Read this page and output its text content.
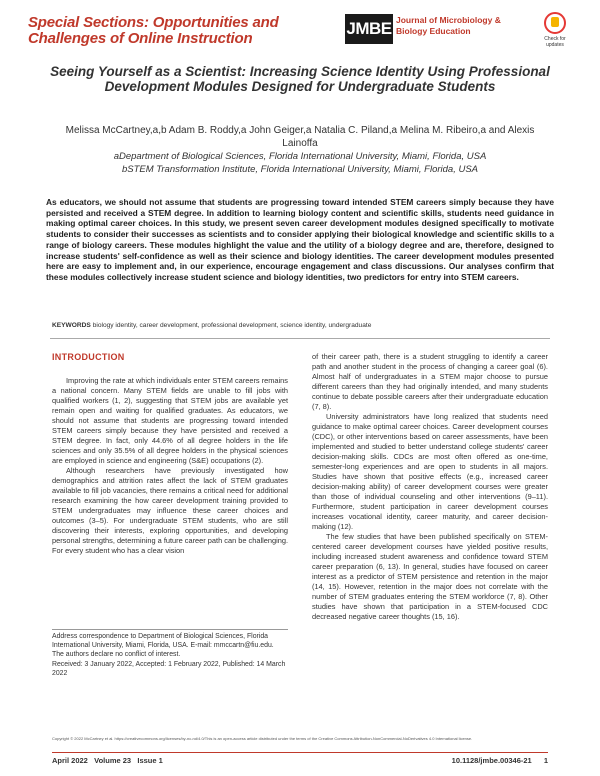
Special Sections: Opportunities and Challenges of Online Instruction
JMBE Journal of Microbiology & Biology Education
Check for updates
Seeing Yourself as a Scientist: Increasing Science Identity Using Professional Development Modules Designed for Undergraduate Students
Melissa McCartney,a,b Adam B. Roddy,a John Geiger,a Natalia C. Piland,a Melina M. Ribeiro,a and Alexis Lainoffa
aDepartment of Biological Sciences, Florida International University, Miami, Florida, USA
bSTEM Transformation Institute, Florida International University, Miami, Florida, USA
As educators, we should not assume that students are progressing toward intended STEM careers simply because they have persisted and received a STEM degree. In addition to learning biology content and scientific skills, students need guidance in making optimal career choices. In this study, we present seven career development modules designed specifically to motivate students to consider their successes as scientists and to consider applying their biological knowledge and scientific skills to a range of biology careers. These modules highlight the value and the utility of a biology degree and are, therefore, designed to increase students' self-confidence as well as their science and biology identities. The career development modules presented here are easy to implement and, in our experience, encourage engagement and class discussions. Our analyses confirm that these modules collectively increase student science and biology identities, two predictors for entry into STEM careers.
KEYWORDS biology identity, career development, professional development, science identity, undergraduate
INTRODUCTION

Improving the rate at which individuals enter STEM careers remains a national concern. Many STEM fields are unable to fill jobs with qualified workers (1, 2), suggesting that STEM jobs are available yet remain open and waiting for qualified graduates. As educators, we should not assume that students are progressing toward intended STEM careers simply because they have persisted and received a STEM degree. In fact, only 44.6% of all degree holders in the life sciences and only 35.5% of all degree holders in the physical sciences are employed in science and engineering (S&E) occupations (2).

Although researchers have previously investigated how demographics and attrition rates affect the lack of STEM graduates available to fill job vacancies, there remains a critical need for additional research examining the how career development training provided to STEM undergraduates may influence these career choices and outcomes (3–5). For undergraduate STEM students, who are still discovering their interests, exploring opportunities, and developing personal strengths, determining a future career path can be challenging. For every student who has a clear vision

of their career path, there is a student struggling to identify a career path and another student in the process of changing a career goal (6). Almost half of undergraduates in a STEM major choose to pursue different careers than they had originally intended, and many students continue to debate possible careers after their undergraduate education (7, 8).

University administrators have long realized that students need guidance to make optimal career choices. Career development courses (CDC), or other interventions based on career assessments, have been implemented and studied to better understand college students' career decision-making skills. CDCs are most often offered as one-time, semester-long experiences and are open to students in all majors. Studies have shown that positive effects (e.g., increased career decision-making ability) of career development courses were greater than those of individual counseling and other interventions (9–11). Furthermore, student participation in career development courses increases vocational identity, career maturity, and career decision-making (12).

The few studies that have been published specifically on STEM-centered career development courses have yielded positive results, including increased student awareness and confidence toward STEM career preparation (6, 13). In general, studies have focused on career interest as a predictor of STEM persistence and retention in the major (14, 15). However, retention in the major does not correlate with the number of STEM graduates entering the STEM workforce (7, 8). Other studies have shown that participation in a STEM-focused CDC decreased negative career thoughts (15, 16).

Address correspondence to Department of Biological Sciences, Florida International University, Miami, Florida, USA. E-mail: mmccartn@fiu.edu.
The authors declare no conflict of interest.
Received: 3 January 2022, Accepted: 1 February 2022, Published: 14 March 2022
Copyright © 2022 McCartney et al. https://creativecommons.org/licenses/by-nc-nd/4.0/This is an open-access article distributed under the terms of the Creative Commons Attribution-NonCommercial-NoDerivatives 4.0 International license.
April 2022 Volume 23 Issue 1	10.1128/jmbe.00346-21 1
